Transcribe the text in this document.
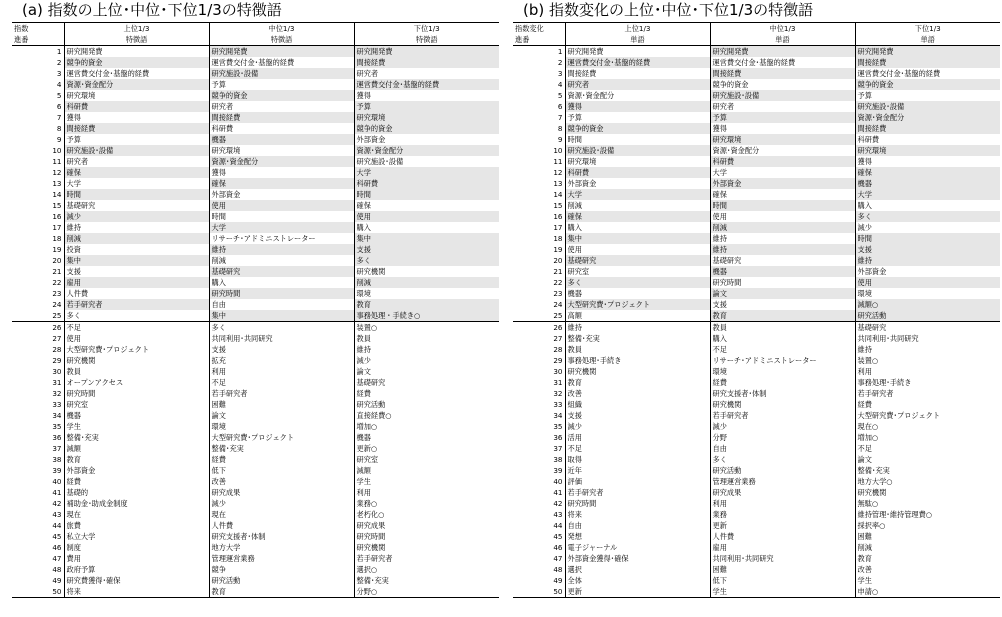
(a) 指数の上位･中位･下位1/3の特徴語
指数	上位1/3	中位1/3	下位1/3
進番	特徴語	特徴語	特徴語
1	研究開発費	研究開発費	研究開発費
2	競争的資金	運営費交付金･基盤的経費	間接経費
3	運営費交付金･基盤的経費	研究施設･設備	研究者
4	資源･資金配分	予算	運営費交付金･基盤的経費
5	研究環境	競争的資金	獲得
6	科研費	研究者	予算
7	獲得	間接経費	研究環境
8	間接経費	科研費	競争的資金
9	予算	機器	外部資金
10	研究施設･設備	研究環境	資源･資金配分
11	研究者	資源･資金配分	研究施設･設備
12	確保	獲得	大学
13	大学	確保	科研費
14	時間	外部資金	時間
15	基礎研究	使用	確保
16	減少	時間	使用
17	維持	大学	購入
18	削減	リサーチ･アドミニストレーター	集中
19	投資	維持	支援
20	集中	削減	多く
21	支援	基礎研究	研究機関
22	雇用	購入	削減
23	人件費	研究時間	環境
24	若手研究者	自由	教育
25	多く	集中	事務処理・手続き○
26	不足	多く	装置○
27	使用	共同利用･共同研究	教員
28	大型研究費･プロジェクト	支援	維持
29	研究機関	拡充	減少
30	教員	利用	論文
31	オープンアクセス	不足	基礎研究
32	研究時間	若手研究者	経費
33	研究室	困難	研究活動
34	機器	論文	直接経費○
35	学生	環境	増加○
36	整備･充実	大型研究費･プロジェクト	機器
37	減額	整備･充実	更新○
38	教育	経費	研究室
39	外部資金	低下	減額
40	経費	改善	学生
41	基礎的	研究成果	利用
42	補助金･助成金制度	減少	業務○
43	現在	現在	老朽化○
44	旅費	人件費	研究成果
45	私立大学	研究支援者･体制	研究時間
46	制度	地方大学	研究機関
47	費用	管理運営業務	若手研究者
48	政府予算	競争	選択○
49	研究費獲得･確保	研究活動	整備･充実
50	将来	教育	分野○
(b) 指数変化の上位･中位･下位1/3の特徴語
指数変化	上位1/3	中位1/3	下位1/3
進番	単語	単語	単語
1	研究開発費	研究開発費	研究開発費
2	運営費交付金･基盤的経費	運営費交付金･基盤的経費	間接経費
3	間接経費	間接経費	運営費交付金･基盤的経費
4	研究者	競争的資金	競争的資金
5	資源･資金配分	研究施設･設備	予算
6	獲得	研究者	研究施設･設備
7	予算	予算	資源･資金配分
8	競争的資金	獲得	間接経費
9	時間	研究環境	科研費
10	研究施設･設備	資源･資金配分	研究環境
11	研究環境	科研費	獲得
12	科研費	大学	確保
13	外部資金	外部資金	機器
14	大学	確保	大学
15	削減	時間	購入
16	確保	使用	多く
17	購入	削減	減少
18	集中	維持	時間
19	使用	維持	支援
20	基礎研究	基礎研究	維持
21	研究室	機器	外部資金
22	多く	研究時間	使用
23	機器	論文	環境
24	大型研究費･プロジェクト	支援	減額○
25	高額	教育	研究活動
26	維持	教員	基礎研究
27	整備･充実	購入	共同利用･共同研究
28	教員	不足	維持
29	事務処理･手続き	リサーチ･アドミニストレーター	装置○
30	研究機関	環境	利用
31	教育	経費	事務処理･手続き
32	改善	研究支援者･体制	若手研究者
33	組織	研究機関	経費
34	支援	若手研究者	大型研究費･プロジェクト
35	減少	減少	現在○
36	活用	分野	増加○
37	不足	自由	不足
38	取得	多く	論文
39	近年	研究活動	整備･充実
40	評価	管理運営業務	地方大学○
41	若手研究者	研究成果	研究機関
42	研究時間	利用	無駄○
43	将来	業務	維持管理･維持管理費○
44	自由	更新	採択率○
45	発想	人件費	困難
46	電子ジャーナル	雇用	削減
47	外部資金獲得･確保	共同利用･共同研究	教育
48	選択	困難	改善
49	全体	低下	学生
50	更新	学生	申請○
